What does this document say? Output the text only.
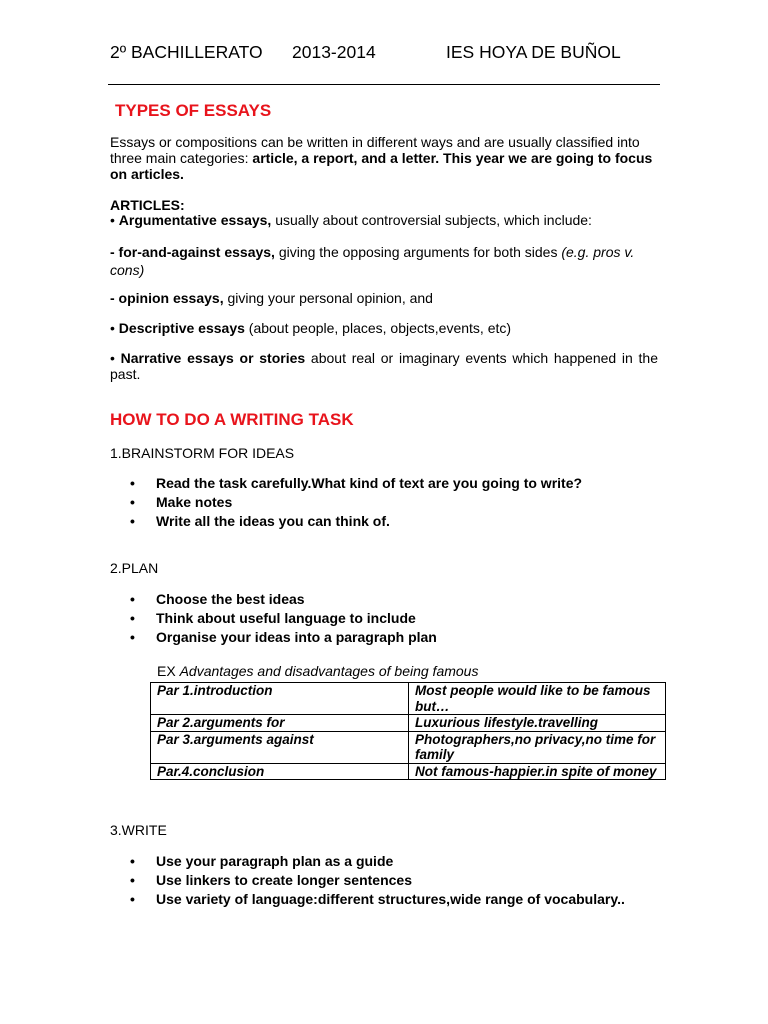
2º BACHILLERATO 2013-2014	IES HOYA DE BUÑOL
TYPES OF ESSAYS
Essays or compositions can be written in different ways and are usually classified into three main categories: article, a report, and a letter. This year we are going to focus on articles.
ARTICLES:
• Argumentative essays, usually about controversial subjects, which include:
- for-and-against essays, giving the opposing arguments for both sides (e.g. pros v. cons)
- opinion essays, giving your personal opinion, and
• Descriptive essays (about people, places, objects,events, etc)
• Narrative essays or stories about real or imaginary events which happened in the past.
HOW TO DO A WRITING TASK
1.BRAINSTORM FOR IDEAS
• Read the task carefully.What kind of text are you going to write?
• Make notes
• Write all the ideas you can think of.
2.PLAN
• Choose the best ideas
• Think about useful language to include
• Organise your ideas into a paragraph plan
EX Advantages and disadvantages of being famous
Par 1.introduction	Most people would like to be famous but…
Par 2.arguments for	Luxurious lifestyle.travelling
Par 3.arguments against	Photographers,no privacy,no time for family
Par.4.conclusion	Not famous-happier.in spite of money
3.WRITE
• Use your paragraph plan as a guide
• Use linkers to create longer sentences
• Use variety of language:different structures,wide range of vocabulary..
